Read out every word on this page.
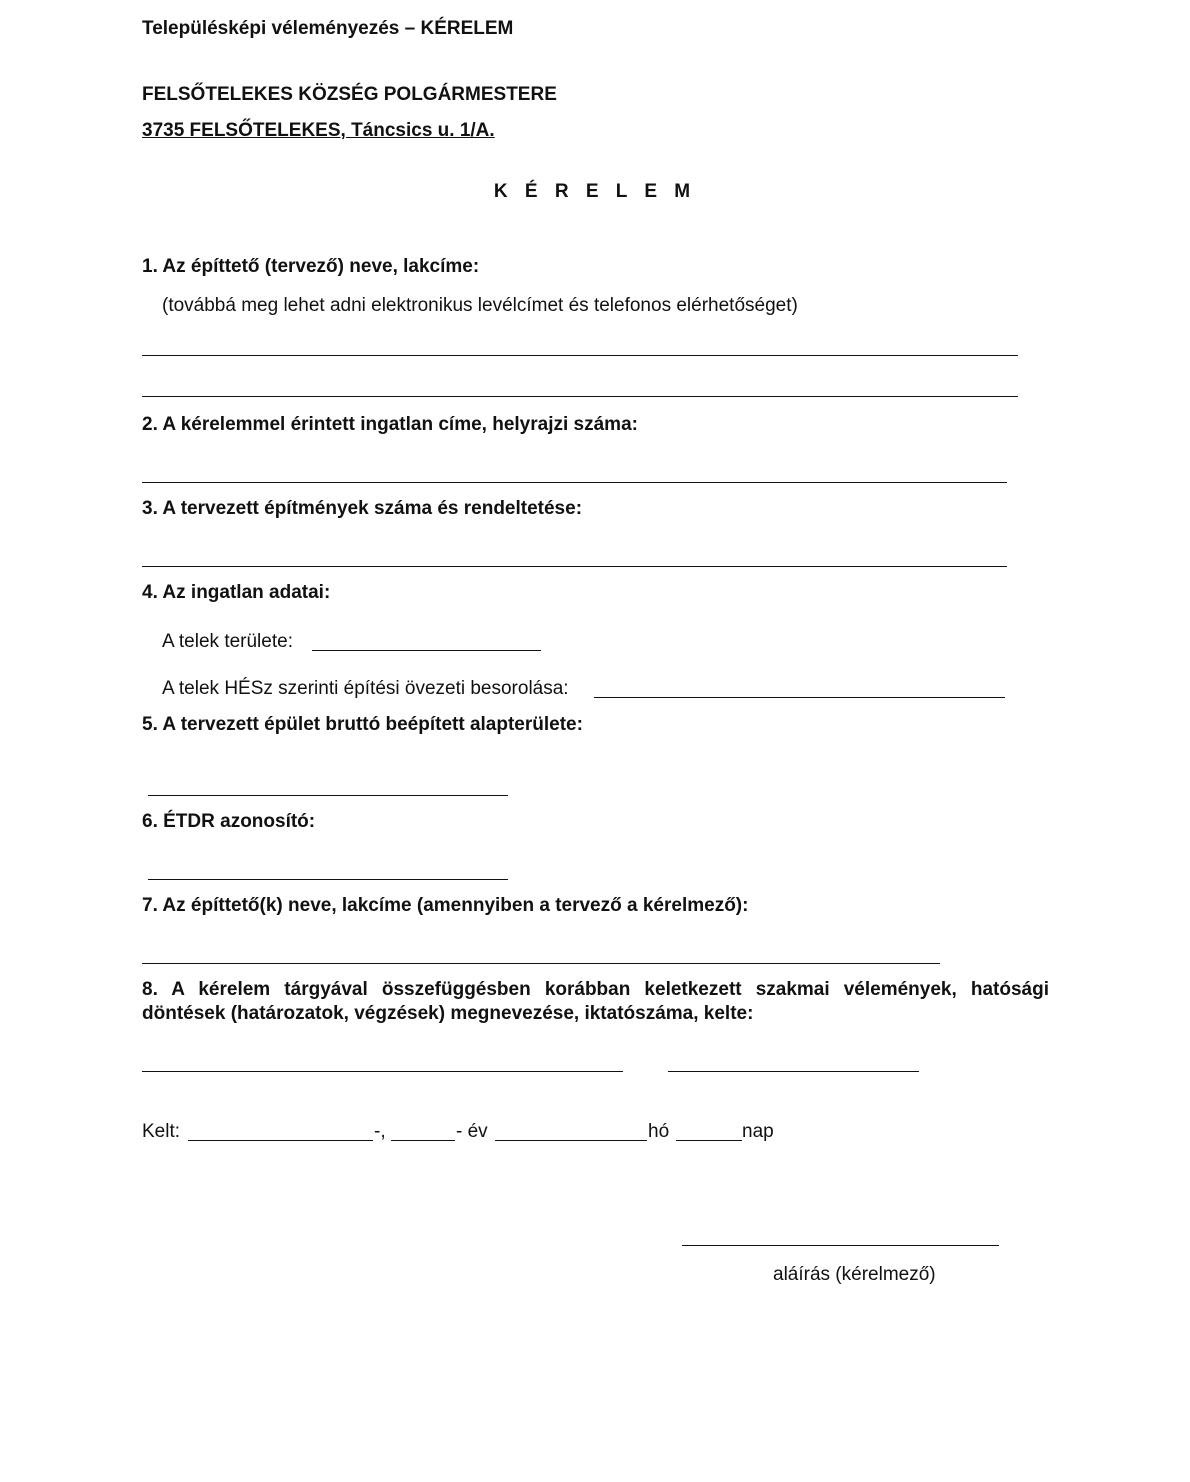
Településképi véleményezés – KÉRELEM
FELSŐTELEKES KÖZSÉG POLGÁRMESTERE
3735 FELSŐTELEKES, Táncsics u. 1/A.
K É R E L E M
1. Az építtető (tervező) neve, lakcíme:
(továbbá meg lehet adni elektronikus levélcímet és telefonos elérhetőséget)
2. A kérelemmel érintett ingatlan címe, helyrajzi száma:
3. A tervezett építmények száma és rendeltetése:
4. Az ingatlan adatai:
A telek területe:
A telek HÉSz szerinti építési övezeti besorolása:
5. A tervezett épület bruttó beépített alapterülete:
6. ÉTDR azonosító:
7. Az építtető(k) neve, lakcíme (amennyiben a tervező a kérelmező):
8. A kérelem tárgyával összefüggésben korábban keletkezett szakmai vélemények, hatósági döntések (határozatok, végzések) megnevezése, iktatószáma, kelte:
Kelt:	-,	- év	hó	nap
aláírás (kérelmező)
